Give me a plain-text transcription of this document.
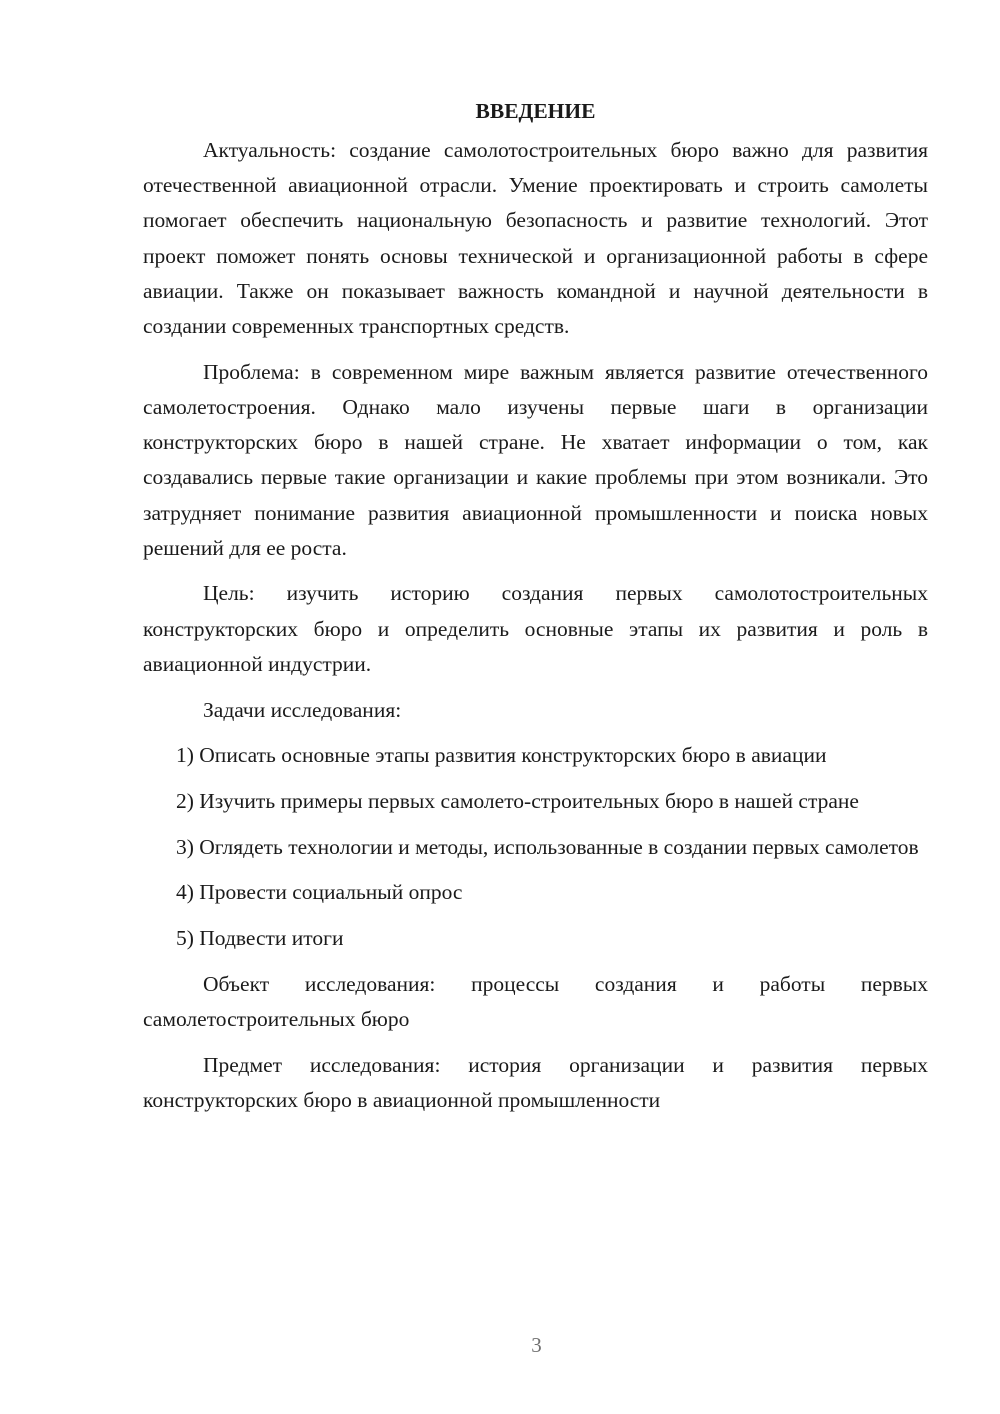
ВВЕДЕНИЕ

Актуальность: создание самолотостроительных бюро важно для развития отечественной авиационной отрасли. Умение проектировать и строить самолеты помогает обеспечить национальную безопасность и развитие технологий. Этот проект поможет понять основы технической и организационной работы в сфере авиации. Также он показывает важность командной и научной деятельности в создании современных транспортных средств.

Проблема: в современном мире важным является развитие отечественного самолетостроения. Однако мало изучены первые шаги в организации конструкторских бюро в нашей стране. Не хватает информации о том, как создавались первые такие организации и какие проблемы при этом возникали. Это затрудняет понимание развития авиационной промышленности и поиска новых решений для ее роста.

Цель: изучить историю создания первых самолотостроительных конструкторских бюро и определить основные этапы их развития и роль в авиационной индустрии.

Задачи исследования:

1) Описать основные этапы развития конструкторских бюро в авиации

2) Изучить примеры первых самолето-строительных бюро в нашей стране

3) Оглядеть технологии и методы, использованные в создании первых самолетов

4) Провести социальный опрос

5) Подвести итоги

Объект исследования: процессы создания и работы первых самолетостроительных бюро

Предмет исследования: история организации и развития первых конструкторских бюро в авиационной промышленности

3
